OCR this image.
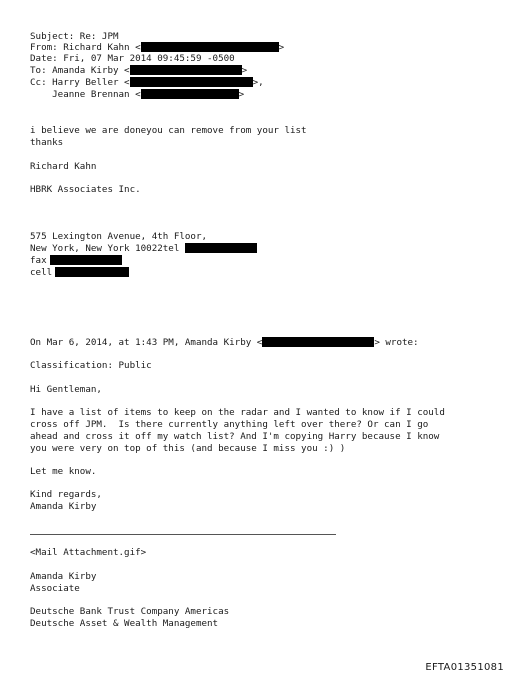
Subject: Re: JPM
From: Richard Kahn <	>
Date: Fri, 07 Mar 2014 09:45:59 -0500
To: Amanda Kirby <	>
Cc: Harry Beller <	>,
Jeanne Brennan <	>
i believe we are doneyou can remove from your list
thanks
Richard Kahn
HBRK Associates Inc.
575 Lexington Avenue, 4th Floor,
New York, New York 10022tel
fax
cell
On Mar 6, 2014, at 1:43 PM, Amanda Kirby <	> wrote:
Classification: Public
Hi Gentleman,
I have a list of items to keep on the radar and I wanted to know if I could
cross off JPM.  Is there currently anything left over there? Or can I go
ahead and cross it off my watch list? And I'm copying Harry because I know
you were very on top of this (and because I miss you :) )
Let me know.
Kind regards,
Amanda Kirby
<Mail Attachment.gif>
Amanda Kirby
Associate
Deutsche Bank Trust Company Americas
Deutsche Asset & Wealth Management
EFTA01351081
